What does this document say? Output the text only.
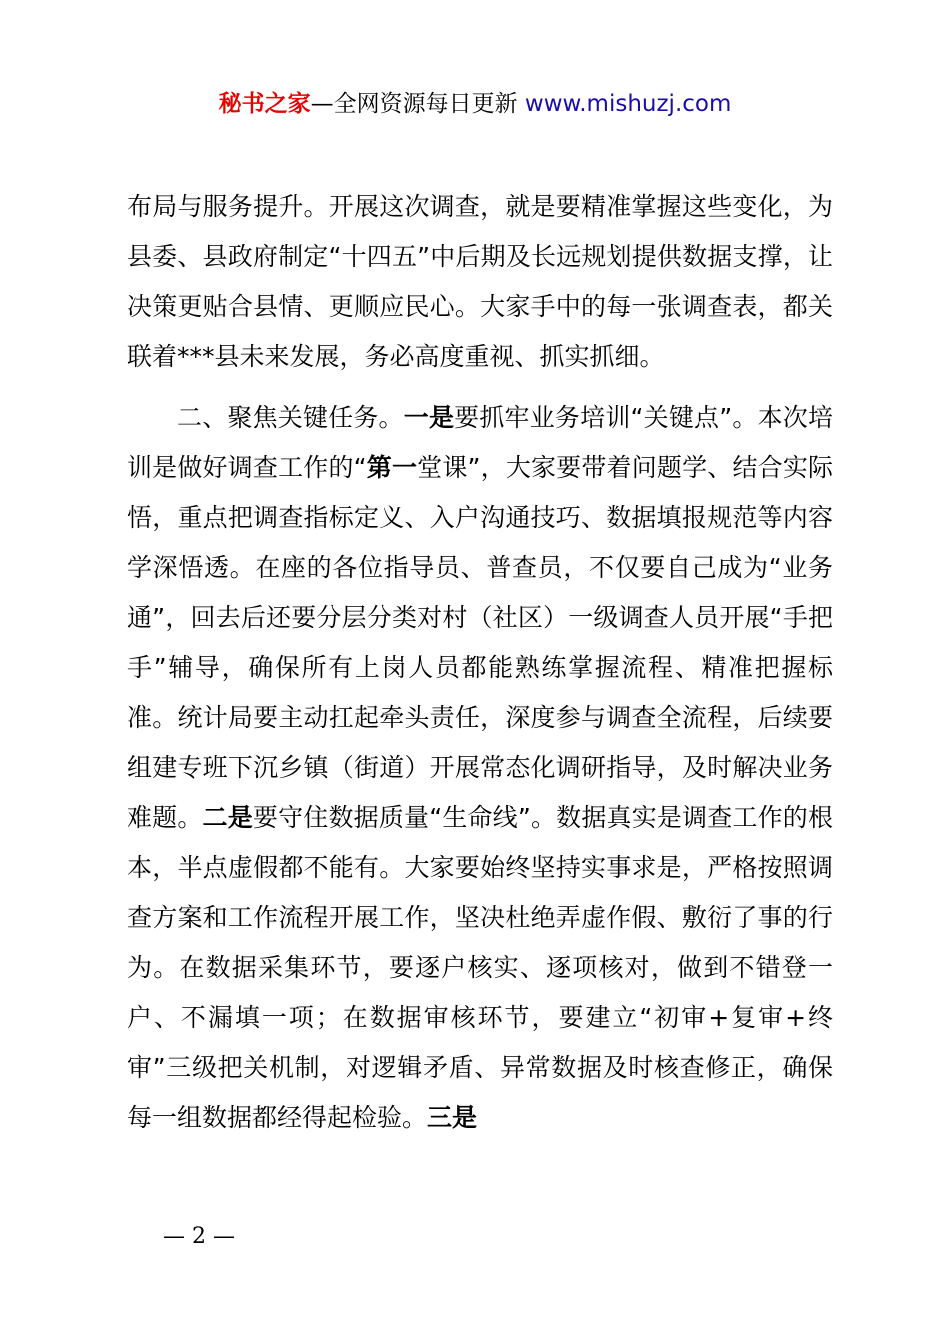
秘书之家—全网资源每日更新 www.mishuzj.com

布局与服务提升。开展这次调查，就是要精准掌握这些变化，为县委、县政府制定“十四五”中后期及长远规划提供数据支撑，让决策更贴合县情、更顺应民心。大家手中的每一张调查表，都关联着***县未来发展，务必高度重视、抓实抓细。

二、聚焦关键任务。一是要抓牢业务培训“关键点”。本次培训是做好调查工作的“第一堂课”，大家要带着问题学、结合实际悟，重点把调查指标定义、入户沟通技巧、数据填报规范等内容学深悟透。在座的各位指导员、普查员，不仅要自己成为“业务通”，回去后还要分层分类对村（社区）一级调查人员开展“手把手”辅导，确保所有上岗人员都能熟练掌握流程、精准把握标准。统计局要主动扛起牵头责任，深度参与调查全流程，后续要组建专班下沉乡镇（街道）开展常态化调研指导，及时解决业务难题。二是要守住数据质量“生命线”。数据真实是调查工作的根本，半点虚假都不能有。大家要始终坚持实事求是，严格按照调查方案和工作流程开展工作，坚决杜绝弄虚作假、敷衍了事的行为。在数据采集环节，要逐户核实、逐项核对，做到不错登一户、不漏填一项；在数据审核环节，要建立“初审+复审+终审”三级把关机制，对逻辑矛盾、异常数据及时核查修正，确保每一组数据都经得起检验。三是

— 2 —
